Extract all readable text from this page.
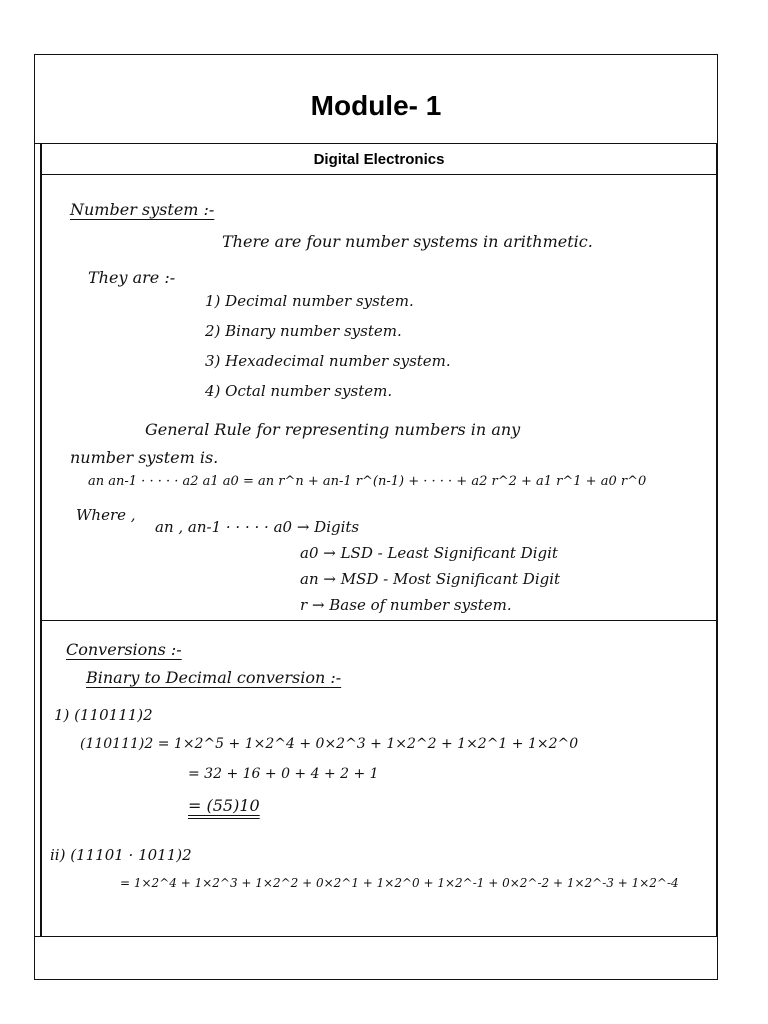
Module- 1
Digital Electronics
Number system :-
There are four number systems in arithmetic.
They are :-
1) Decimal number system.
2) Binary number system.
3) Hexadecimal number system.
4) Octal number system.
General Rule for representing numbers in any
number system is.
an an-1 · · · · · a2 a1 a0 = an r^n + an-1 r^(n-1) + · · · · + a2 r^2 + a1 r^1 + a0 r^0
Where ,
an , an-1 · · · · · a0 → Digits
a0 → LSD - Least Significant Digit
an → MSD - Most Significant Digit
r → Base of number system.
Conversions :-
Binary to Decimal conversion :-
1) (110111)2
(110111)2 = 1×2^5 + 1×2^4 + 0×2^3 + 1×2^2 + 1×2^1 + 1×2^0
= 32 + 16 + 0 + 4 + 2 + 1
= (55)10
ii) (11101 · 1011)2
= 1×2^4 + 1×2^3 + 1×2^2 + 0×2^1 + 1×2^0 + 1×2^-1 + 0×2^-2 + 1×2^-3 + 1×2^-4
